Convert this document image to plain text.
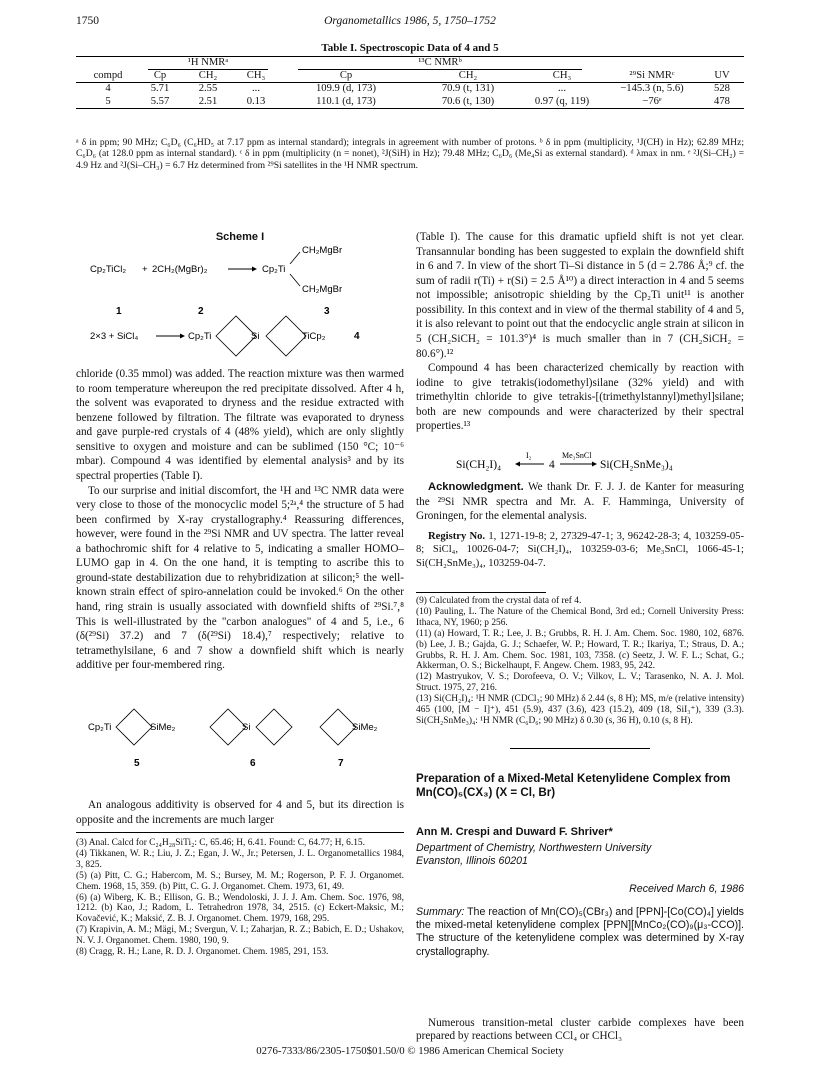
1750	Organometallics 1986, 5, 1750–1752
Table I. Spectroscopic Data of 4 and 5
	¹H NMRᵃ			¹³C NMRᵇ				
compd	Cp	CH₂	CH₃	Cp	CH₂	CH₃	²⁹Si NMRᶜ	UV
4	5.71	2.55	...	109.9 (d, 173)	70.9 (t, 131)	...	−145.3 (n, 5.6)	528
5	5.57	2.51	0.13	110.1 (d, 173)	70.6 (t, 130)	0.97 (q, 119)	−76ᵉ	478
ᵃ δ in ppm; 90 MHz; C₆D₆ (C₆HD₅ at 7.17 ppm as internal standard); integrals in agreement with number of protons. ᵇ δ in ppm (multiplicity, ¹J(CH) in Hz); 62.89 MHz; C₆D₆ (at 128.0 ppm as internal standard). ᶜ δ in ppm (multiplicity (n = nonet), ²J(SiH) in Hz); 79.48 MHz; C₆D₆ (Me₄Si as external standard). ᵈ λmax in nm. ᵉ ²J(Si–CH₂) = 4.9 Hz and ²J(Si–CH₃) = 6.7 Hz determined from ²⁹Si satellites in the ¹H NMR spectrum.
Scheme I
Cp₂TiCl₂ + 2CH₂(MgBr)₂	Cp₂Ti
CH₂MgBr
CH₂MgBr
1	2	3
2×3 + SiCl₄	Cp₂Ti	Si	TiCp₂	4

chloride (0.35 mmol) was added. The reaction mixture was then warmed to room temperature whereupon the red precipitate dissolved. After 4 h, the solvent was evaporated to dryness and the residue extracted with benzene followed by filtration. The filtrate was evaporated to dryness and gave purple-red crystals of 4 (48% yield), which are only slightly sensitive to oxygen and moisture and can be sublimed (150 °C; 10⁻⁶ mbar). Compound 4 was identified by elemental analysis³ and by its spectral properties (Table I).

To our surprise and initial discomfort, the ¹H and ¹³C NMR data were very close to those of the monocyclic model 5;²ᵃ,⁴ the structure of 5 had been confirmed by X-ray crystallography.⁴ Reassuring differences, however, were found in the ²⁹Si NMR and UV spectra. The latter reveal a bathochromic shift for 4 relative to 5, indicating a smaller HOMO–LUMO gap in 4. On the one hand, it is tempting to ascribe this to ground-state destabilization due to rehybridization at silicon;⁵ the well-known strain effect of spiro-annelation could be invoked.⁶ On the other hand, ring strain is usually associated with downfield shifts of ²⁹Si.⁷,⁸ This is well-illustrated by the "carbon analogues" of 4 and 5, i.e., 6 (δ(²⁹Si) 37.2) and 7 (δ(²⁹Si) 18.4),⁷ respectively; relative to tetramethylsilane, 6 and 7 show a downfield shift which is nearly additive per four-membered ring.

Cp₂Ti	SiMe₂	Si	SiMe₂
5	6	7

An analogous additivity is observed for 4 and 5, but its direction is opposite and the increments are much larger

(3) Anal. Calcd for C₂₄H₂₈SiTi₂: C, 65.46; H, 6.41. Found: C, 64.77; H, 6.15.

(4) Tikkanen, W. R.; Liu, J. Z.; Egan, J. W., Jr.; Petersen, J. L. Organometallics 1984, 3, 825.

(5) (a) Pitt, C. G.; Habercom, M. S.; Bursey, M. M.; Rogerson, P. F. J. Organomet. Chem. 1968, 15, 359. (b) Pitt, C. G. J. Organomet. Chem. 1973, 61, 49.

(6) (a) Wiberg, K. B.; Ellison, G. B.; Wendoloski, J. J. J. Am. Chem. Soc. 1976, 98, 1212. (b) Kao, J.; Radom, L. Tetrahedron 1978, 34, 2515. (c) Eckert-Maksic, M.; Kovačević, K.; Maksić, Z. B. J. Organomet. Chem. 1979, 168, 295.

(7) Krapivin, A. M.; Mägi, M.; Svergun, V. I.; Zaharjan, R. Z.; Babich, E. D.; Ushakov, N. V. J. Organomet. Chem. 1980, 190, 9.

(8) Cragg, R. H.; Lane, R. D. J. Organomet. Chem. 1985, 291, 153.

(Table I). The cause for this dramatic upfield shift is not yet clear. Transannular bonding has been suggested to explain the downfield shift in 6 and 7. In view of the short Ti–Si distance in 5 (d = 2.786 Å;⁹ cf. the sum of radii r(Ti) + r(Si) = 2.5 Å¹⁰) a direct interaction in 4 and 5 seems not impossible; anisotropic shielding by the Cp₂Ti unit¹¹ is another possibility. In this context and in view of the thermal stability of 4 and 5, it is also relevant to point out that the endocyclic angle strain at silicon in 5 (CH₂SiCH₂ = 101.3°)⁴ is much smaller than in 7 (CH₂SiCH₂ = 80.6°).¹²

Compound 4 has been characterized chemically by reaction with iodine to give tetrakis(iodomethyl)silane (32% yield) and with trimethyltin chloride to give tetrakis-[(trimethylstannyl)methyl]silane; both are new compounds and were characterized by their spectral properties.¹³

Si(CH₂I)₄
I₂
4
Me₃SnCl
Si(CH₂SnMe₃)₄

Acknowledgment. We thank Dr. F. J. J. de Kanter for measuring the ²⁹Si NMR spectra and Mr. A. F. Hamminga, University of Groningen, for the elemental analysis.

Registry No. 1, 1271-19-8; 2, 27329-47-1; 3, 96242-28-3; 4, 103259-05-8; SiCl₄, 10026-04-7; Si(CH₂I)₄, 103259-03-6; Me₃SnCl, 1066-45-1; Si(CH₂SnMe₃)₄, 103259-04-7.

(9) Calculated from the crystal data of ref 4.

(10) Pauling, L. The Nature of the Chemical Bond, 3rd ed.; Cornell University Press: Ithaca, NY, 1960; p 256.

(11) (a) Howard, T. R.; Lee, J. B.; Grubbs, R. H. J. Am. Chem. Soc. 1980, 102, 6876. (b) Lee, J. B.; Gajda, G. J.; Schaefer, W. P.; Howard, T. R.; Ikariya, T.; Straus, D. A.; Grubbs, R. H. J. Am. Chem. Soc. 1981, 103, 7358. (c) Seetz, J. W. F. L.; Schat, G.; Akkerman, O. S.; Bickelhaupt, F. Angew. Chem. 1983, 95, 242.

(12) Mastryukov, V. S.; Dorofeeva, O. V.; Vilkov, L. V.; Tarasenko, N. A. J. Mol. Struct. 1975, 27, 216.

(13) Si(CH₂I)₄: ¹H NMR (CDCl₃; 90 MHz) δ 2.44 (s, 8 H); MS, m/e (relative intensity) 465 (100, [M − I]⁺), 451 (5.9), 437 (3.6), 423 (15.2), 409 (18, SiI₃⁺), 339 (3.3). Si(CH₂SnMe₃)₄: ¹H NMR (C₆D₆; 90 MHz) δ 0.30 (s, 36 H), 0.10 (s, 8 H).

Preparation of a Mixed-Metal Ketenylidene Complex from Mn(CO)₅(CX₃) (X = Cl, Br)
Ann M. Crespi and Duward F. Shriver*
Department of Chemistry, Northwestern University
Evanston, Illinois 60201
Received March 6, 1986
Summary: The reaction of Mn(CO)₅(CBr₃) and [PPN]-[Co(CO)₄] yields the mixed-metal ketenylidene complex [PPN][MnCo₂(CO)₉(μ₃-CCO)]. The structure of the ketenylidene complex was determined by X-ray crystallography.
Numerous transition-metal cluster carbide complexes have been prepared by reactions between CCl₄ or CHCl₃
0276-7333/86/2305-1750$01.50/0 © 1986 American Chemical Society
